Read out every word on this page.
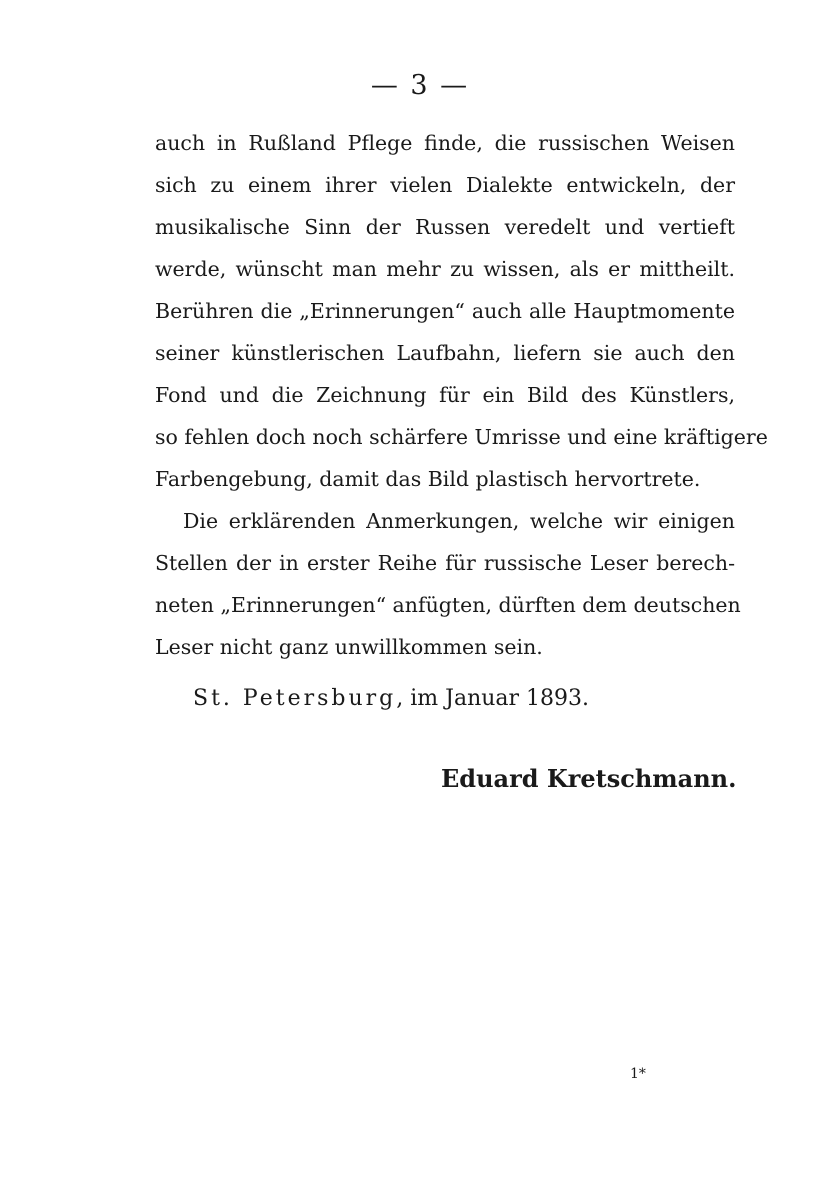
— 3 —
auch in Rußland Pflege finde, die russischen Weisen
sich zu einem ihrer vielen Dialekte entwickeln, der
musikalische Sinn der Russen veredelt und vertieft
werde, wünscht man mehr zu wissen, als er mittheilt.
Berühren die „Erinnerungen“ auch alle Hauptmomente
seiner künstlerischen Laufbahn, liefern sie auch den
Fond und die Zeichnung für ein Bild des Künstlers,
so fehlen doch noch schärfere Umrisse und eine kräftigere
Farbengebung, damit das Bild plastisch hervortrete.
Die erklärenden Anmerkungen, welche wir einigen
Stellen der in erster Reihe für russische Leser berech-
neten „Erinnerungen“ anfügten, dürften dem deutschen
Leser nicht ganz unwillkommen sein.
St. Petersburg, im Januar 1893.
Eduard Kretschmann.
1*
